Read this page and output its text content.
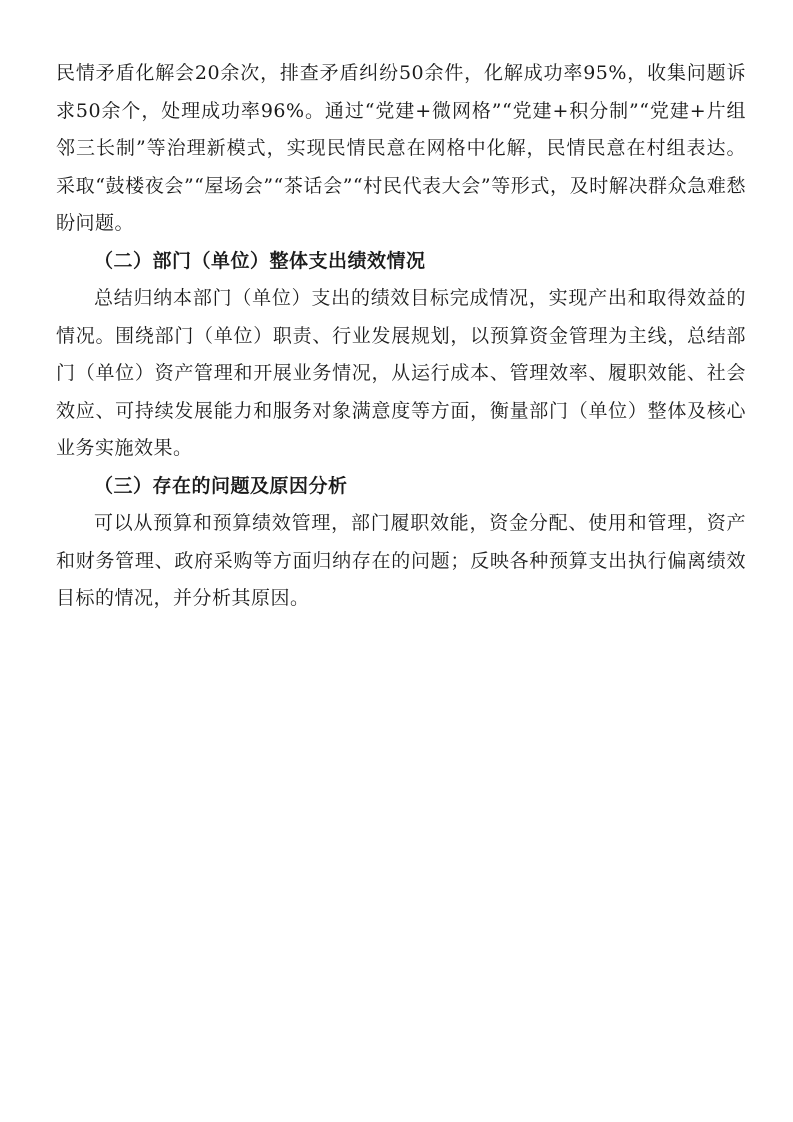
民情矛盾化解会20余次，排查矛盾纠纷50余件，化解成功率95%，收集问题诉求50余个，处理成功率96%。通过“党建+微网格”“党建+积分制”“党建+片组邻三长制”等治理新模式，实现民情民意在网格中化解，民情民意在村组表达。采取“鼓楼夜会”“屋场会”“茶话会”“村民代表大会”等形式，及时解决群众急难愁盼问题。

（二）部门（单位）整体支出绩效情况

总结归纳本部门（单位）支出的绩效目标完成情况，实现产出和取得效益的情况。围绕部门（单位）职责、行业发展规划，以预算资金管理为主线，总结部门（单位）资产管理和开展业务情况，从运行成本、管理效率、履职效能、社会效应、可持续发展能力和服务对象满意度等方面，衡量部门（单位）整体及核心业务实施效果。

（三）存在的问题及原因分析

可以从预算和预算绩效管理，部门履职效能，资金分配、使用和管理，资产和财务管理、政府采购等方面归纳存在的问题；反映各种预算支出执行偏离绩效目标的情况，并分析其原因。
